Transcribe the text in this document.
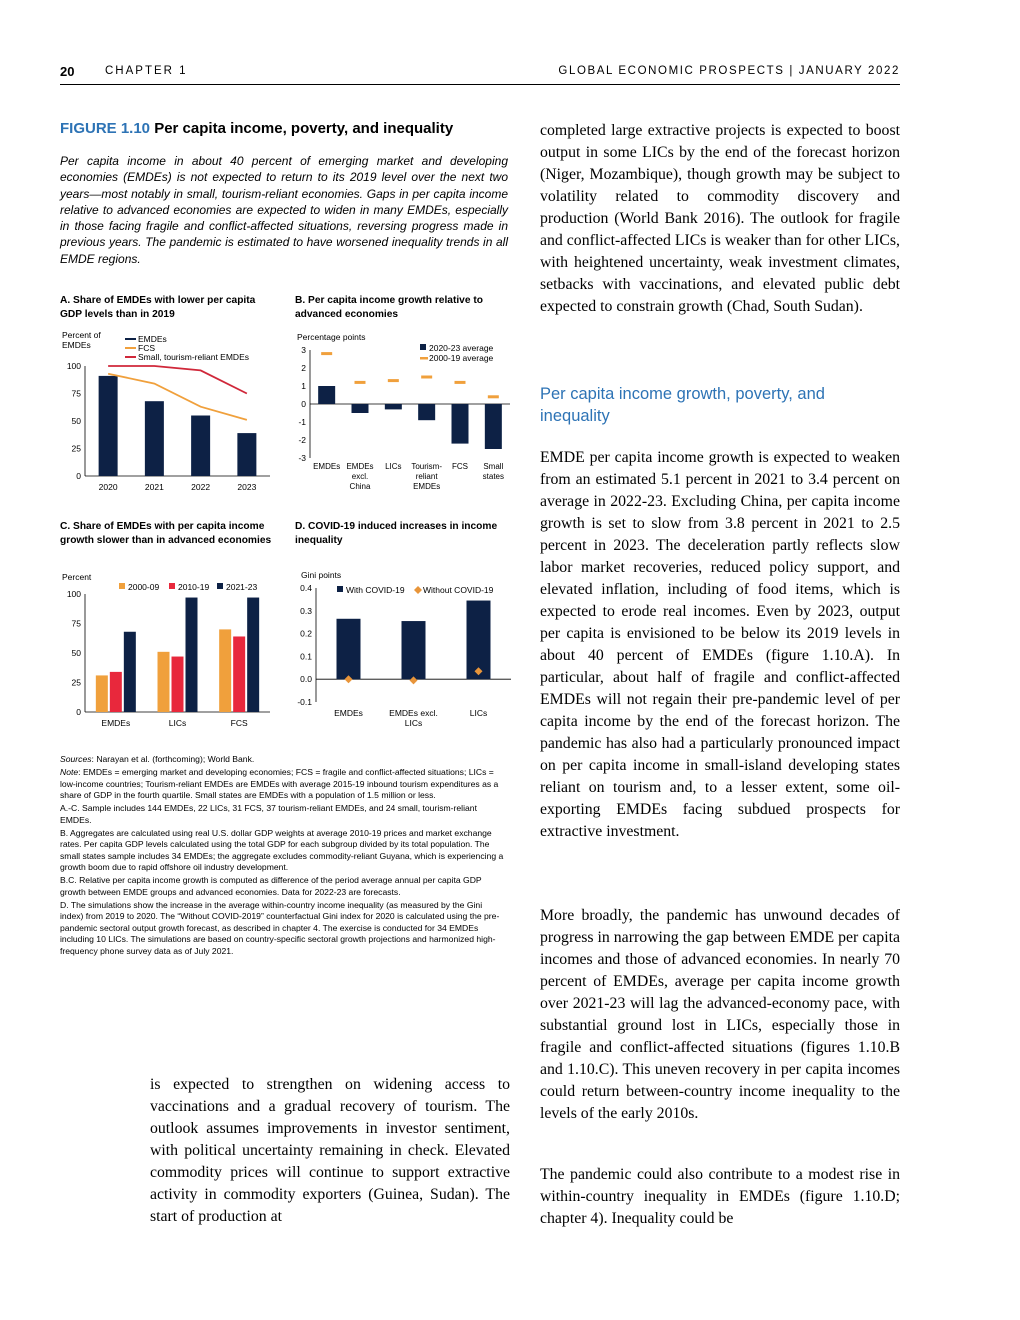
20	CHAPTER 1	GLOBAL ECONOMIC PROSPECTS | JANUARY 2022
FIGURE 1.10 Per capita income, poverty, and inequality
Per capita income in about 40 percent of emerging market and developing economies (EMDEs) is not expected to return to its 2019 level over the next two years—most notably in small, tourism-reliant economies. Gaps in per capita income relative to advanced economies are expected to widen in many EMDEs, especially in those facing fragile and conflict-affected situations, reversing progress made in previous years. The pandemic is estimated to have worsened inequality trends in all EMDE regions.
A. Share of EMDEs with lower per capita GDP levels than in 2019
B. Per capita income growth relative to advanced economies
C. Share of EMDEs with per capita income growth slower than in advanced economies
D. COVID-19 induced increases in income inequality
0
25
50
75
100
Percent of
EMDEs
2020	2021	2022	2023
EMDEs
FCS
Small, tourism-reliant EMDEs
-3
-2
-1
0
1
2
3
Percentage points
EMDEs EMDEs
excl.
China
LICs Tourism-
reliant
EMDEs
FCS Small
states
2020-23 average
2000-19 average
0
25
50
75
100
Percent
EMDEs	LICs	FCS
2000-09 2010-19 2021-23
-0.1
0.0
0.1
0.2
0.3
0.4
Gini points
EMDEs	EMDEs excl.
LICs
LICs
With COVID-19 Without COVID-19

Sources: Narayan et al. (forthcoming); World Bank.

Note: EMDEs = emerging market and developing economies; FCS = fragile and conflict-affected situations; LICs = low-income countries; Tourism-reliant EMDEs are EMDEs with average 2015-19 inbound tourism expenditures as a share of GDP in the fourth quartile. Small states are EMDEs with a population of 1.5 million or less.

A.-C. Sample includes 144 EMDEs, 22 LICs, 31 FCS, 37 tourism-reliant EMDEs, and 24 small, tourism-reliant EMDEs.

B. Aggregates are calculated using real U.S. dollar GDP weights at average 2010-19 prices and market exchange rates. Per capita GDP levels calculated using the total GDP for each subgroup divided by its total population. The small states sample includes 34 EMDEs; the aggregate excludes commodity-reliant Guyana, which is experiencing a growth boom due to rapid offshore oil industry development.

B.C. Relative per capita income growth is computed as difference of the period average annual per capita GDP growth between EMDE groups and advanced economies. Data for 2022-23 are forecasts.

D. The simulations show the increase in the average within-country income inequality (as measured by the Gini index) from 2019 to 2020. The “Without COVID-2019” counterfactual Gini index for 2020 is calculated using the pre-pandemic sectoral output growth forecast, as described in chapter 4. The exercise is conducted for 34 EMDEs including 10 LICs. The simulations are based on country-specific sectoral growth projections and harmonized high-frequency phone survey data as of July 2021.

is expected to strengthen on widening access to vaccinations and a gradual recovery of tourism. The outlook assumes improvements in investor sentiment, with political uncertainty remaining in check. Elevated commodity prices will continue to support extractive activity in commodity exporters (Guinea, Sudan). The start of production at

completed large extractive projects is expected to boost output in some LICs by the end of the forecast horizon (Niger, Mozambique), though growth may be subject to volatility related to commodity discovery and production (World Bank 2016). The outlook for fragile and conflict-affected LICs is weaker than for other LICs, with heightened uncertainty, weak investment climates, setbacks with vaccinations, and elevated public debt expected to constrain growth (Chad, South Sudan).
Per capita income growth, poverty, and inequality
EMDE per capita income growth is expected to weaken from an estimated 5.1 percent in 2021 to 3.4 percent on average in 2022-23. Excluding China, per capita income growth is set to slow from 3.8 percent in 2021 to 2.5 percent in 2023. The deceleration partly reflects slow labor market recoveries, reduced policy support, and elevated inflation, including of food items, which is expected to erode real incomes. Even by 2023, output per capita is envisioned to be below its 2019 levels in about 40 percent of EMDEs (figure 1.10.A). In particular, about half of fragile and conflict-affected EMDEs will not regain their pre-pandemic level of per capita income by the end of the forecast horizon. The pandemic has also had a particularly pronounced impact on per capita income in small-island developing states reliant on tourism and, to a lesser extent, some oil-exporting EMDEs facing subdued prospects for extractive investment.
More broadly, the pandemic has unwound decades of progress in narrowing the gap between EMDE per capita incomes and those of advanced economies. In nearly 70 percent of EMDEs, average per capita income growth over 2021-23 will lag the advanced-economy pace, with substantial ground lost in LICs, especially those in fragile and conflict-affected situations (figures 1.10.B and 1.10.C). This uneven recovery in per capita incomes could return between-country income inequality to the levels of the early 2010s.
The pandemic could also contribute to a modest rise in within-country inequality in EMDEs (figure 1.10.D; chapter 4). Inequality could be
